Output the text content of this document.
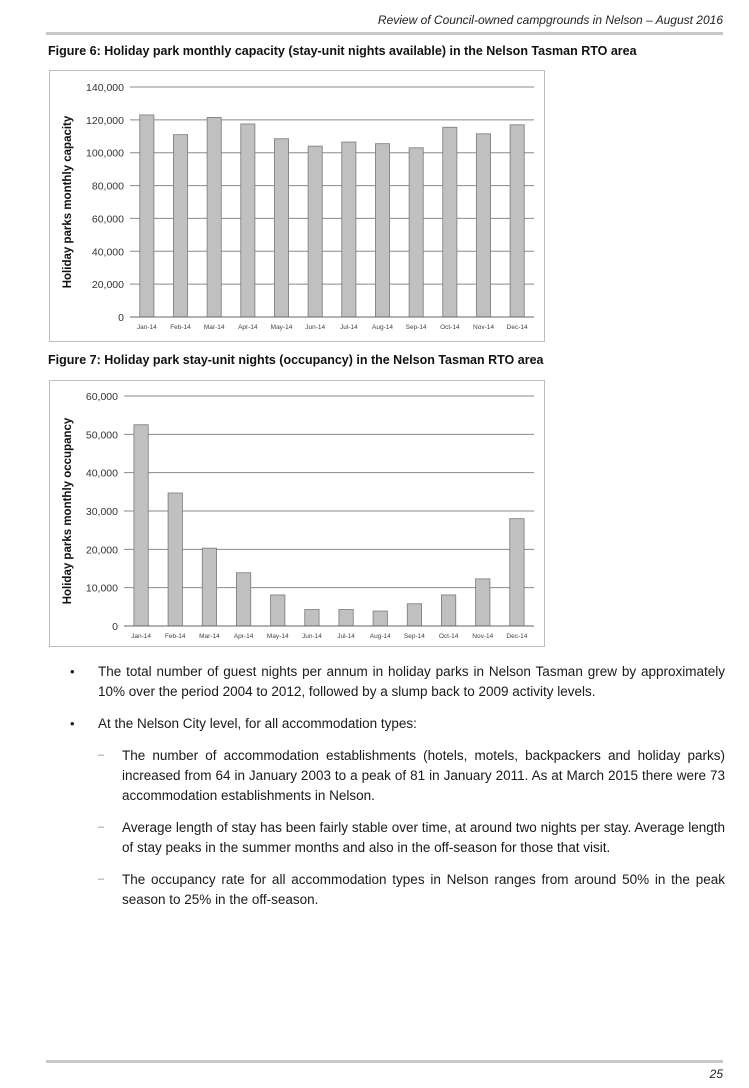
Review of Council-owned campgrounds in Nelson – August 2016
Figure 6: Holiday park monthly capacity (stay-unit nights available) in the Nelson Tasman RTO area
0
20,000
40,000
60,000
80,000
100,000
120,000
140,000
Holiday parks monthly capacity
Jan-14 Feb-14 Mar-14 Apr-14 May-14 Jun-14 Jul-14 Aug-14 Sep-14 Oct-14 Nov-14 Dec-14
Figure 7: Holiday park stay-unit nights (occupancy) in the Nelson Tasman RTO area
0
10,000
20,000
30,000
40,000
50,000
60,000
Holiday parks monthly occupancy
Jan-14 Feb-14 Mar-14 Apr-14 May-14 Jun-14 Jul-14 Aug-14 Sep-14 Oct-14 Nov-14 Dec-14
• The total number of guest nights per annum in holiday parks in Nelson Tasman grew by approximately 10% over the period 2004 to 2012, followed by a slump back to 2009 activity levels.
• At the Nelson City level, for all accommodation types:
– The number of accommodation establishments (hotels, motels, backpackers and holiday parks) increased from 64 in January 2003 to a peak of 81 in January 2011. As at March 2015 there were 73 accommodation establishments in Nelson.
– Average length of stay has been fairly stable over time, at around two nights per stay. Average length of stay peaks in the summer months and also in the off-season for those that visit.
– The occupancy rate for all accommodation types in Nelson ranges from around 50% in the peak season to 25% in the off-season.
25
